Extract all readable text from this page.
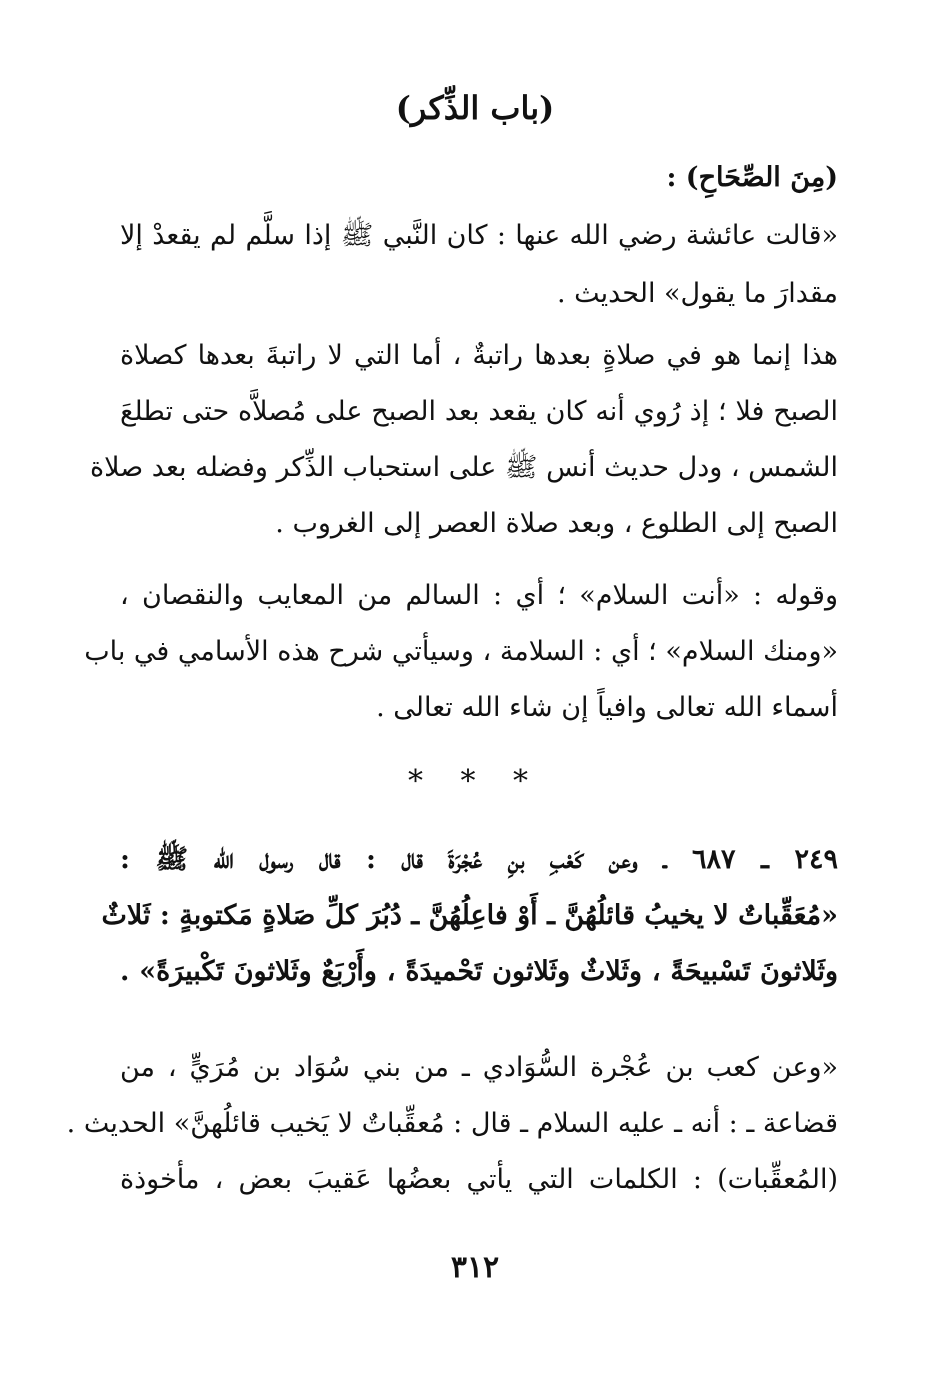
(باب الذِّكر)
(مِنَ الصِّحَاحِ) :
«قالت عائشة رضي الله عنها : كان النَّبي ﷺ إذا سلَّم لم يقعدْ إلا
مقدارَ ما يقول» الحديث .
هذا إنما هو في صلاةٍ بعدها راتبةٌ ، أما التي لا راتبةَ بعدها كصلاة
الصبح فلا ؛ إذ رُوي أنه كان يقعد بعد الصبح على مُصلاَّه حتى تطلعَ
الشمس ، ودل حديث أنس ﷺ على استحباب الذِّكر وفضله بعد صلاة
الصبح إلى الطلوع ، وبعد صلاة العصر إلى الغروب .
وقوله : «أنت السلام» ؛ أي : السالم من المعايب والنقصان ،
«ومنك السلام» ؛ أي : السلامة ، وسيأتي شرح هذه الأسامي في باب
أسماء الله تعالى وافياً إن شاء الله تعالى .
* * *
٢٤٩ ـ ٦٨٧ ـ وعن كَعْبِ بنِ عُجْرَةَ قال : قال رسول الله ﷺ :
«مُعَقِّباتٌ لا يخيبُ قائلُهُنَّ ـ أَوْ فاعِلُهُنَّ ـ دُبُرَ كلِّ صَلاةٍ مَكتوبةٍ : ثَلاثٌ
وثَلاثونَ تَسْبيحَةً ، وثَلاثٌ وثَلاثون تَحْميدَةً ، وأَرْبَعٌ وثَلاثونَ تَكْبيرَةً» .
«وعن كعب بن عُجْرة السُّوَادي ـ من بني سُوَاد بن مُرَيٍّ ، من
قضاعة ـ : أنه ـ عليه السلام ـ قال : مُعقِّباتٌ لا يَخيب قائلُهنَّ» الحديث .
(المُعقِّبات) : الكلمات التي يأتي بعضُها عَقيبَ بعض ، مأخوذة
٣١٢
